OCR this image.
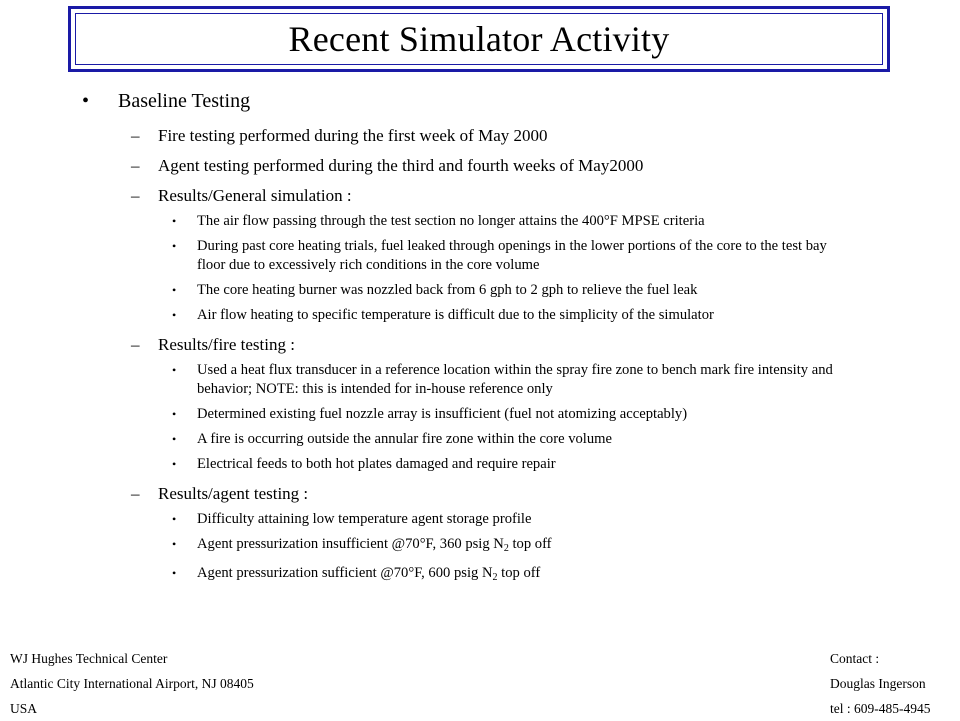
Recent Simulator Activity
• Baseline Testing
– Fire testing performed during the first week of May 2000
– Agent testing performed during the third and fourth weeks of May2000
– Results/General simulation :
• The air flow passing through the test section no longer attains the 400°F MPSE criteria
• During past core heating trials, fuel leaked through openings in the lower portions of the core to the test bay floor due to excessively rich conditions in the core volume
• The core heating burner was nozzled back from 6 gph to 2 gph to relieve the fuel leak
• Air flow heating to specific temperature is difficult due to the simplicity of the simulator
– Results/fire testing :
• Used a heat flux transducer in a reference location within the spray fire zone to bench mark fire intensity and behavior; NOTE: this is intended for in-house reference only
• Determined existing fuel nozzle array is insufficient (fuel not atomizing acceptably)
• A fire is occurring outside the annular fire zone within the core volume
• Electrical feeds to both hot plates damaged and require repair
– Results/agent testing :
• Difficulty attaining low temperature agent storage profile
• Agent pressurization insufficient @70°F, 360 psig $N_2$ top off
• Agent pressurization sufficient @70°F, 600 psig $N_2$ top off
WJ Hughes Technical Center
Atlantic City International Airport, NJ 08405
USA
Contact :
Douglas Ingerson
tel : 609-485-4945
